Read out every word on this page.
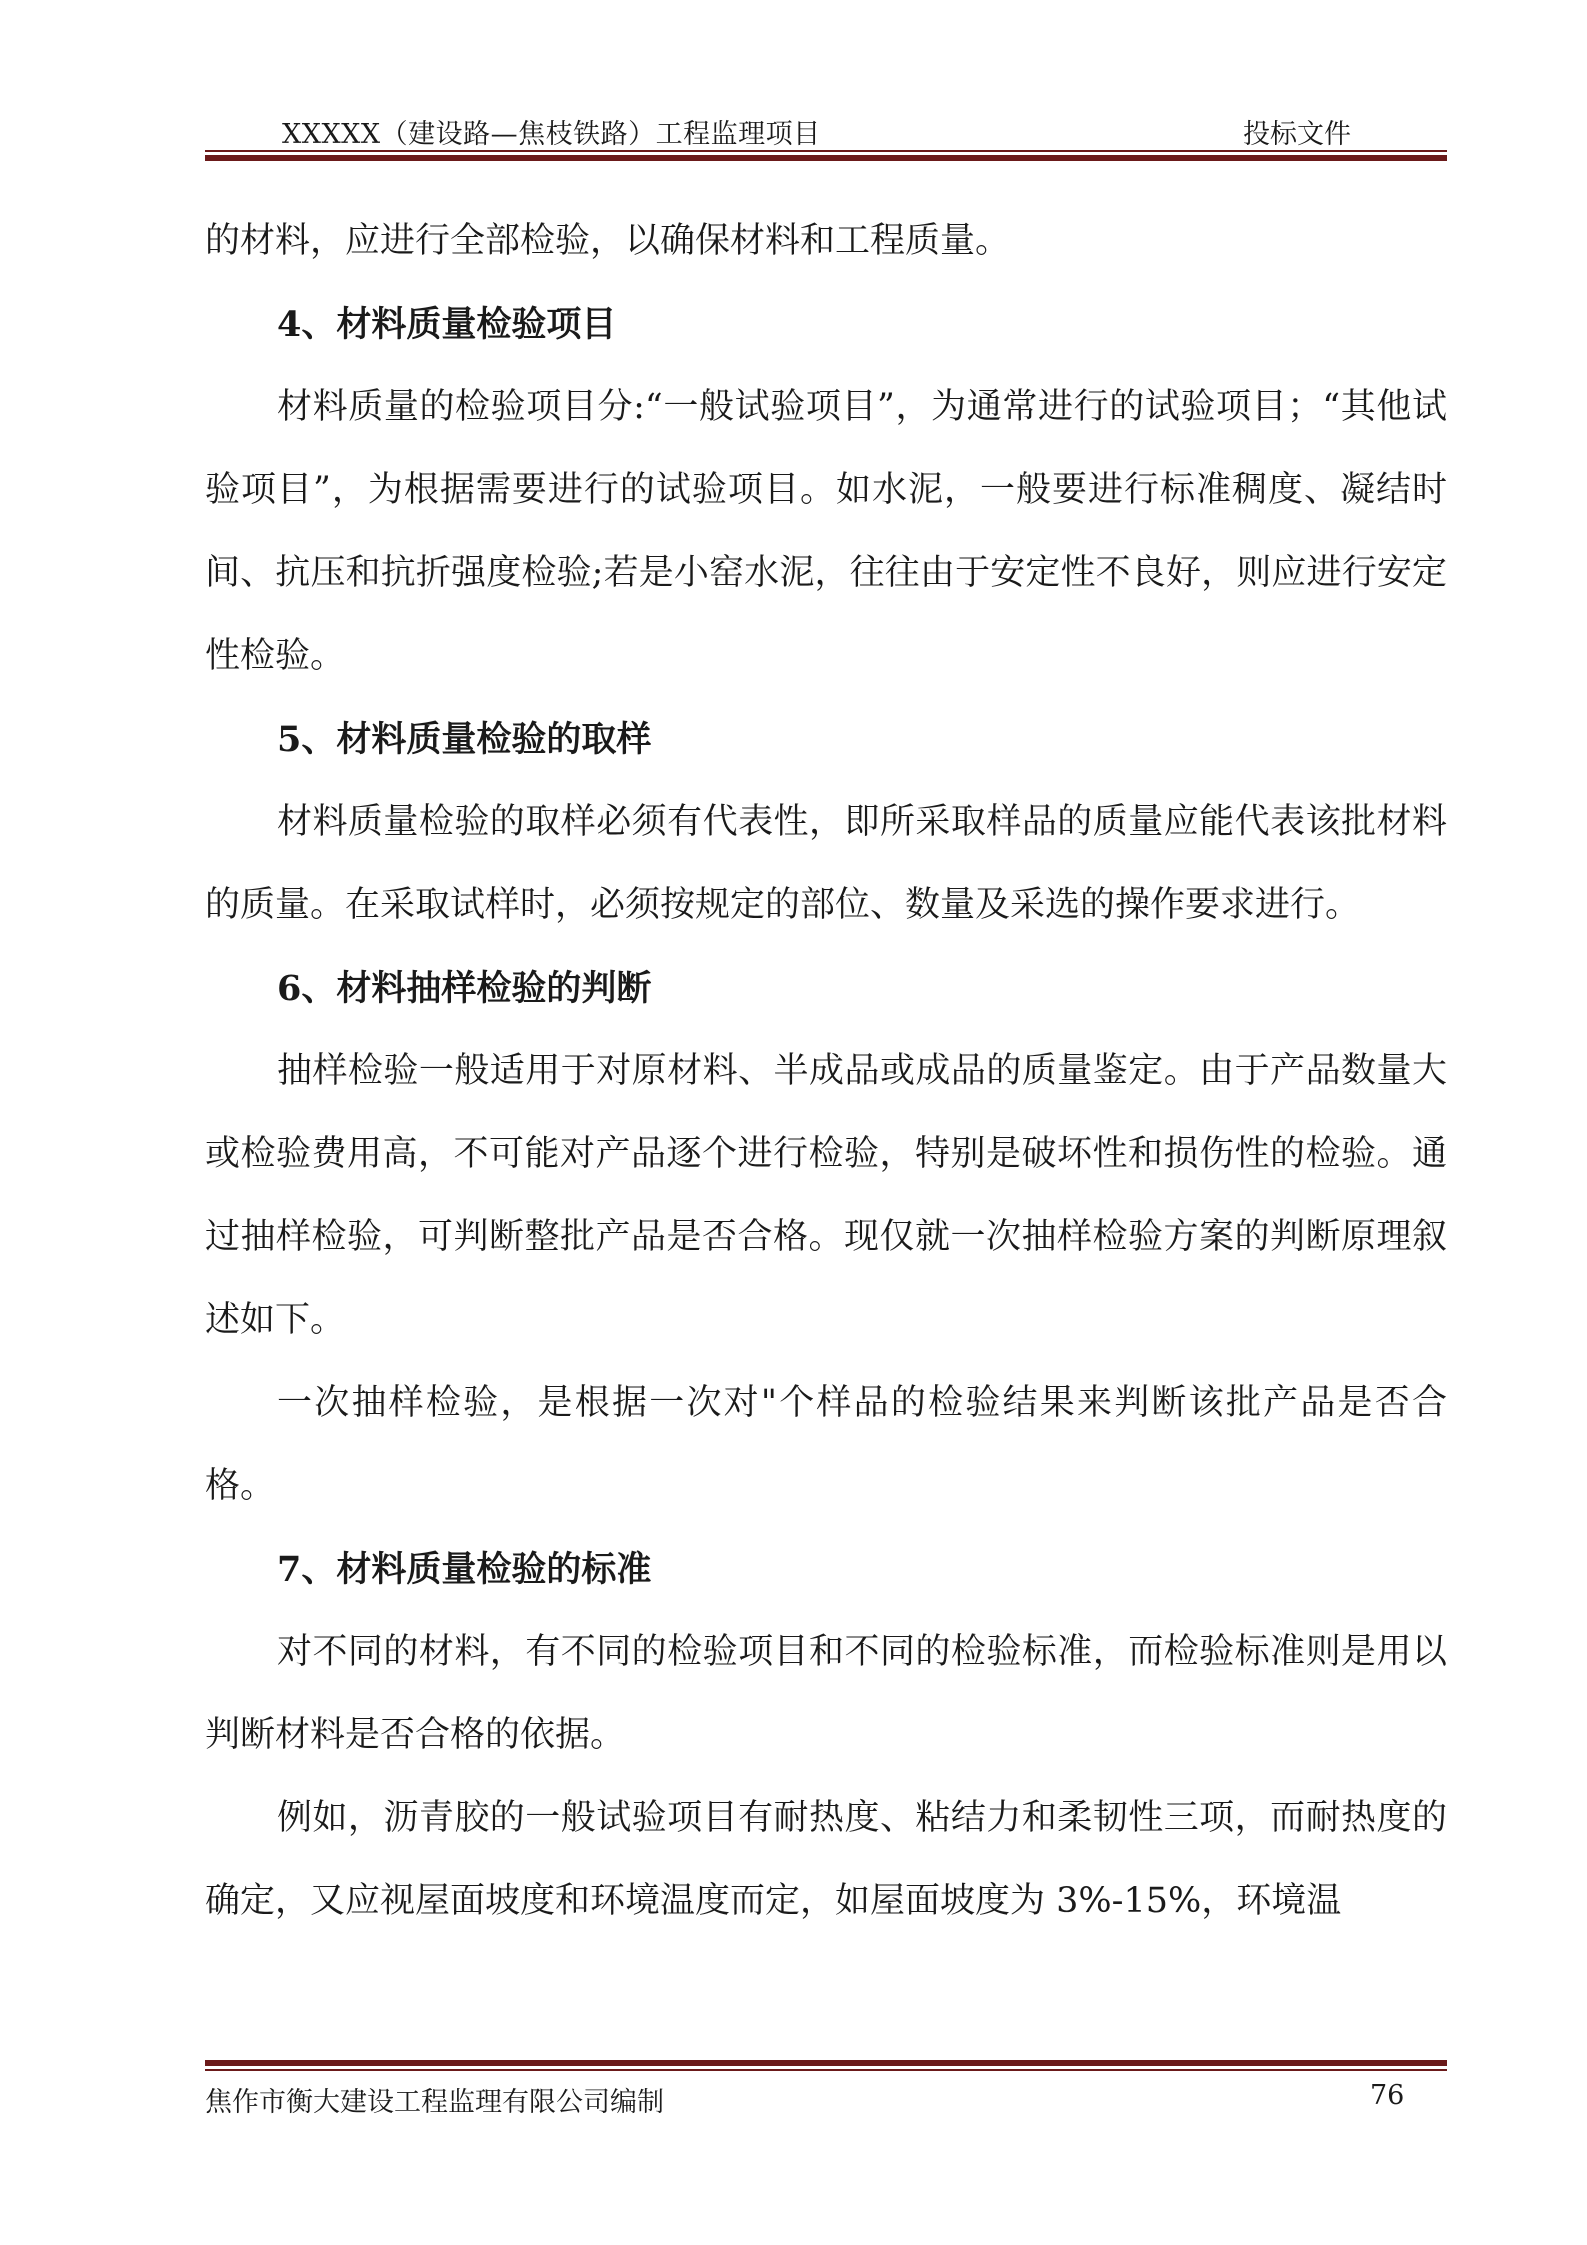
XXXXX（建设路—焦枝铁路）工程监理项目	投标文件

的材料，应进行全部检验，以确保材料和工程质量。

4、材料质量检验项目

材料质量的检验项目分:“一般试验项目”，为通常进行的试验项目；“其他试验项目”，为根据需要进行的试验项目。如水泥，一般要进行标准稠度、凝结时间、抗压和抗折强度检验;若是小窑水泥，往往由于安定性不良好，则应进行安定性检验。

5、材料质量检验的取样

材料质量检验的取样必须有代表性，即所采取样品的质量应能代表该批材料的质量。在采取试样时，必须按规定的部位、数量及采选的操作要求进行。

6、材料抽样检验的判断

抽样检验一般适用于对原材料、半成品或成品的质量鉴定。由于产品数量大或检验费用高，不可能对产品逐个进行检验，特别是破坏性和损伤性的检验。通过抽样检验，可判断整批产品是否合格。现仅就一次抽样检验方案的判断原理叙述如下。

一次抽样检验，是根据一次对"个样品的检验结果来判断该批产品是否合格。

7、材料质量检验的标准

对不同的材料，有不同的检验项目和不同的检验标准，而检验标准则是用以判断材料是否合格的依据。

例如，沥青胶的一般试验项目有耐热度、粘结力和柔韧性三项，而耐热度的确定，又应视屋面坡度和环境温度而定，如屋面坡度为 3%-15%，环境温

焦作市衡大建设工程监理有限公司编制	76
